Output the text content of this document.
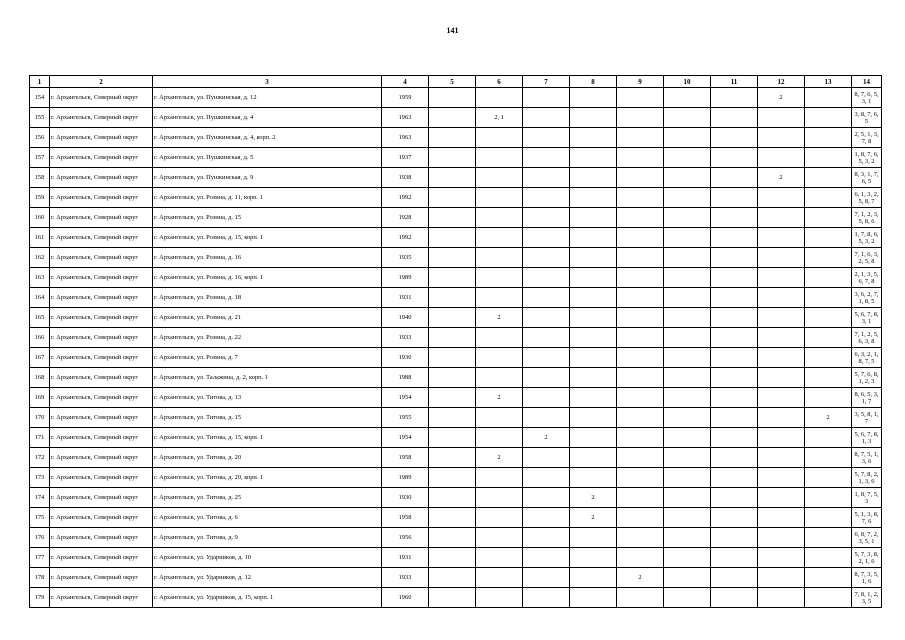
141
1	2	3	4	5	6	7	8	9	10	11	12	13	14
154	г. Архангельск, Северный округ	г. Архангельск, ул. Пушкинская, д. 12	1959								2		8, 7, 6, 5, 3, 1
155	г. Архангельск, Северный округ	г. Архангельск, ул. Пушкинская, д. 4	1963		2, 1								3, 8, 7, 6, 5
156	г. Архангельск, Северный округ	г. Архангельск, ул. Пушкинская, д. 4, корп. 2	1963										2, 5, 1, 3, 7, 8
157	г. Архангельск, Северный округ	г. Архангельск, ул. Пушкинская, д. 5	1937										1, 8, 7, 6, 5, 3, 2
158	г. Архангельск, Северный округ	г. Архангельск, ул. Пушкинская, д. 9	1938								2		8, 3, 1, 7, 6, 5
159	г. Архангельск, Северный округ	г. Архангельск, ул. Розина, д. 11, корп. 1	1992										6, 1, 3, 2, 5, 8, 7
160	г. Архангельск, Северный округ	г. Архангельск, ул. Розина, д. 15	1928										7, 1, 2, 3, 5, 8, 6
161	г. Архангельск, Северный округ	г. Архангельск, ул. Розина, д. 15, корп. 1	1992										1, 7, 8, 6, 5, 3, 2
162	г. Архангельск, Северный округ	г. Архангельск, ул. Розина, д. 16	1935										7, 1, 6, 3, 2, 5, 8
163	г. Архангельск, Северный округ	г. Архангельск, ул. Розина, д. 16, корп. 1	1989										2, 1, 3, 5, 6, 7, 8
164	г. Архангельск, Северный округ	г. Архангельск, ул. Розина, д. 18	1931										3, 6, 2, 7, 1, 8, 5
165	г. Архангельск, Северный округ	г. Архангельск, ул. Розина, д. 21	1940		2								5, 6, 7, 8, 3, 1
166	г. Архангельск, Северный округ	г. Архангельск, ул. Розина, д. 22	1933										7, 1, 2, 5, 6, 3, 8
167	г. Архангельск, Северный округ	г. Архангельск, ул. Розина, д. 7	1930										6, 3, 2, 1, 8, 7, 5
168	г. Архангельск, Северный округ	г. Архангельск, ул. Талажина, д. 2, корп. 1	1988										5, 7, 6, 8, 1, 2, 3
169	г. Архангельск, Северный округ	г. Архангельск, ул. Титова, д. 13	1954		2								8, 6, 5, 3, 1, 7
170	г. Архангельск, Северный округ	г. Архангельск, ул. Титова, д. 15	1955									2	3, 5, 8, 1, 7
171	г. Архангельск, Северный округ	г. Архангельск, ул. Титова, д. 15, корп. 1	1954			2							5, 6, 7, 8, 1, 3
172	г. Архангельск, Северный округ	г. Архангельск, ул. Титова, д. 20	1958		2								8, 7, 5, 1, 3, 6
173	г. Архангельск, Северный округ	г. Архангельск, ул. Титова, д. 20, корп. 1	1989										5, 7, 8, 2, 1, 3, 6
174	г. Архангельск, Северный округ	г. Архангельск, ул. Титова, д. 25	1930				2						1, 8, 7, 5, 3
175	г. Архангельск, Северный округ	г. Архангельск, ул. Титова, д. 6	1958				2						5, 1, 3, 8, 7, 6
176	г. Архангельск, Северный округ	г. Архангельск, ул. Титова, д. 9	1956										6, 8, 7, 2, 3, 5, 1
177	г. Архангельск, Северный округ	г. Архангельск, ул. Ударников, д. 10	1931										5, 7, 3, 8, 2, 1, 6
178	г. Архангельск, Северный округ	г. Архангельск, ул. Ударников, д. 12	1933					2					8, 7, 3, 5, 1, 6
179	г. Архангельск, Северный округ	г. Архангельск, ул. Ударников, д. 15, корп. 1	1960										7, 8, 1, 2, 3, 5
